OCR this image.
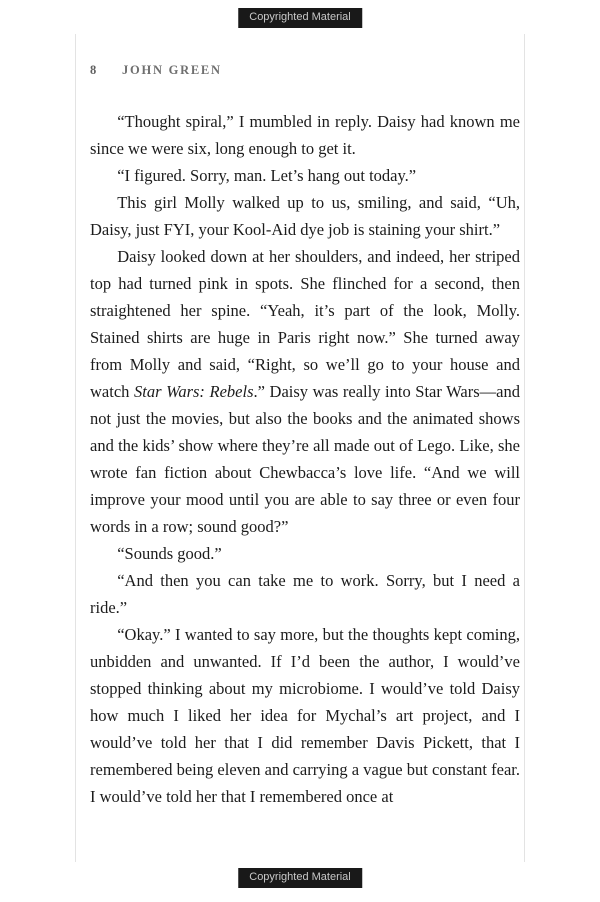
Copyrighted Material
8 JOHN GREEN

“Thought spiral,” I mumbled in reply. Daisy had known me since we were six, long enough to get it.

“I figured. Sorry, man. Let’s hang out today.”

This girl Molly walked up to us, smiling, and said, “Uh, Daisy, just FYI, your Kool-Aid dye job is staining your shirt.”

Daisy looked down at her shoulders, and indeed, her striped top had turned pink in spots. She flinched for a second, then straightened her spine. “Yeah, it’s part of the look, Molly. Stained shirts are huge in Paris right now.” She turned away from Molly and said, “Right, so we’ll go to your house and watch Star Wars: Rebels.” Daisy was really into Star Wars—and not just the movies, but also the books and the animated shows and the kids’ show where they’re all made out of Lego. Like, she wrote fan fiction about Chewbacca’s love life. “And we will improve your mood until you are able to say three or even four words in a row; sound good?”

“Sounds good.”

“And then you can take me to work. Sorry, but I need a ride.”

“Okay.” I wanted to say more, but the thoughts kept coming, unbidden and unwanted. If I’d been the author, I would’ve stopped thinking about my microbiome. I would’ve told Daisy how much I liked her idea for Mychal’s art project, and I would’ve told her that I did remember Davis Pickett, that I remembered being eleven and carrying a vague but constant fear. I would’ve told her that I remembered once at

Copyrighted Material
